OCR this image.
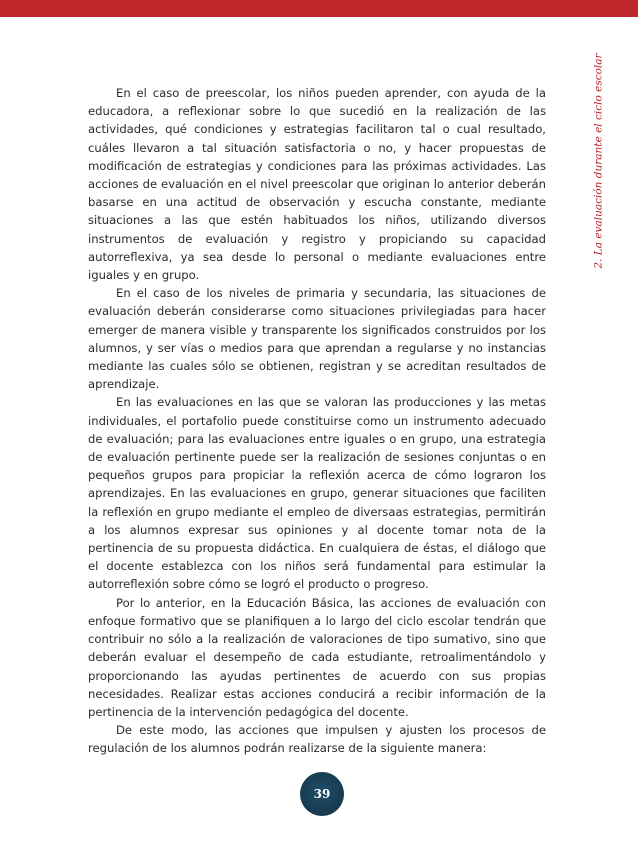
2. La evaluación durante el ciclo escolar

En el caso de preescolar, los niños pueden aprender, con ayuda de la educadora, a reflexionar sobre lo que sucedió en la realización de las actividades, qué condiciones y estrategias facilitaron tal o cual resultado, cuáles llevaron a tal situación satisfactoria o no, y hacer propuestas de modificación de estrategias y condiciones para las próximas actividades. Las acciones de evaluación en el nivel preescolar que originan lo anterior deberán basarse en una actitud de observación y escucha constante, mediante situaciones a las que estén habituados los niños, utilizando diversos instrumentos de evaluación y registro y propiciando su capacidad autorreflexiva, ya sea desde lo personal o mediante evaluaciones entre iguales y en grupo.

En el caso de los niveles de primaria y secundaria, las situaciones de evaluación deberán considerarse como situaciones privilegiadas para hacer emerger de manera visible y transparente los significados construidos por los alumnos, y ser vías o medios para que aprendan a regularse y no instancias mediante las cuales sólo se obtienen, registran y se acreditan resultados de aprendizaje.

En las evaluaciones en las que se valoran las producciones y las metas individuales, el portafolio puede constituirse como un instrumento adecuado de evaluación; para las evaluaciones entre iguales o en grupo, una estrategia de evaluación pertinente puede ser la realización de sesiones conjuntas o en pequeños grupos para propiciar la reflexión acerca de cómo lograron los aprendizajes. En las evaluaciones en grupo, generar situaciones que faciliten la reflexión en grupo mediante el empleo de diversaas estrategias, permitirán a los alumnos expresar sus opiniones y al docente tomar nota de la pertinencia de su propuesta didáctica. En cualquiera de éstas, el diálogo que el docente establezca con los niños será fundamental para estimular la autorreflexión sobre cómo se logró el producto o progreso.

Por lo anterior, en la Educación Básica, las acciones de evaluación con enfoque formativo que se planifiquen a lo largo del ciclo escolar tendrán que contribuir no sólo a la realización de valoraciones de tipo sumativo, sino que deberán evaluar el desempeño de cada estudiante, retroalimentándolo y proporcionando las ayudas pertinentes de acuerdo con sus propias necesidades. Realizar estas acciones conducirá a recibir información de la pertinencia de la intervención pedagógica del docente.

De este modo, las acciones que impulsen y ajusten los procesos de regulación de los alumnos podrán realizarse de la siguiente manera:

39
